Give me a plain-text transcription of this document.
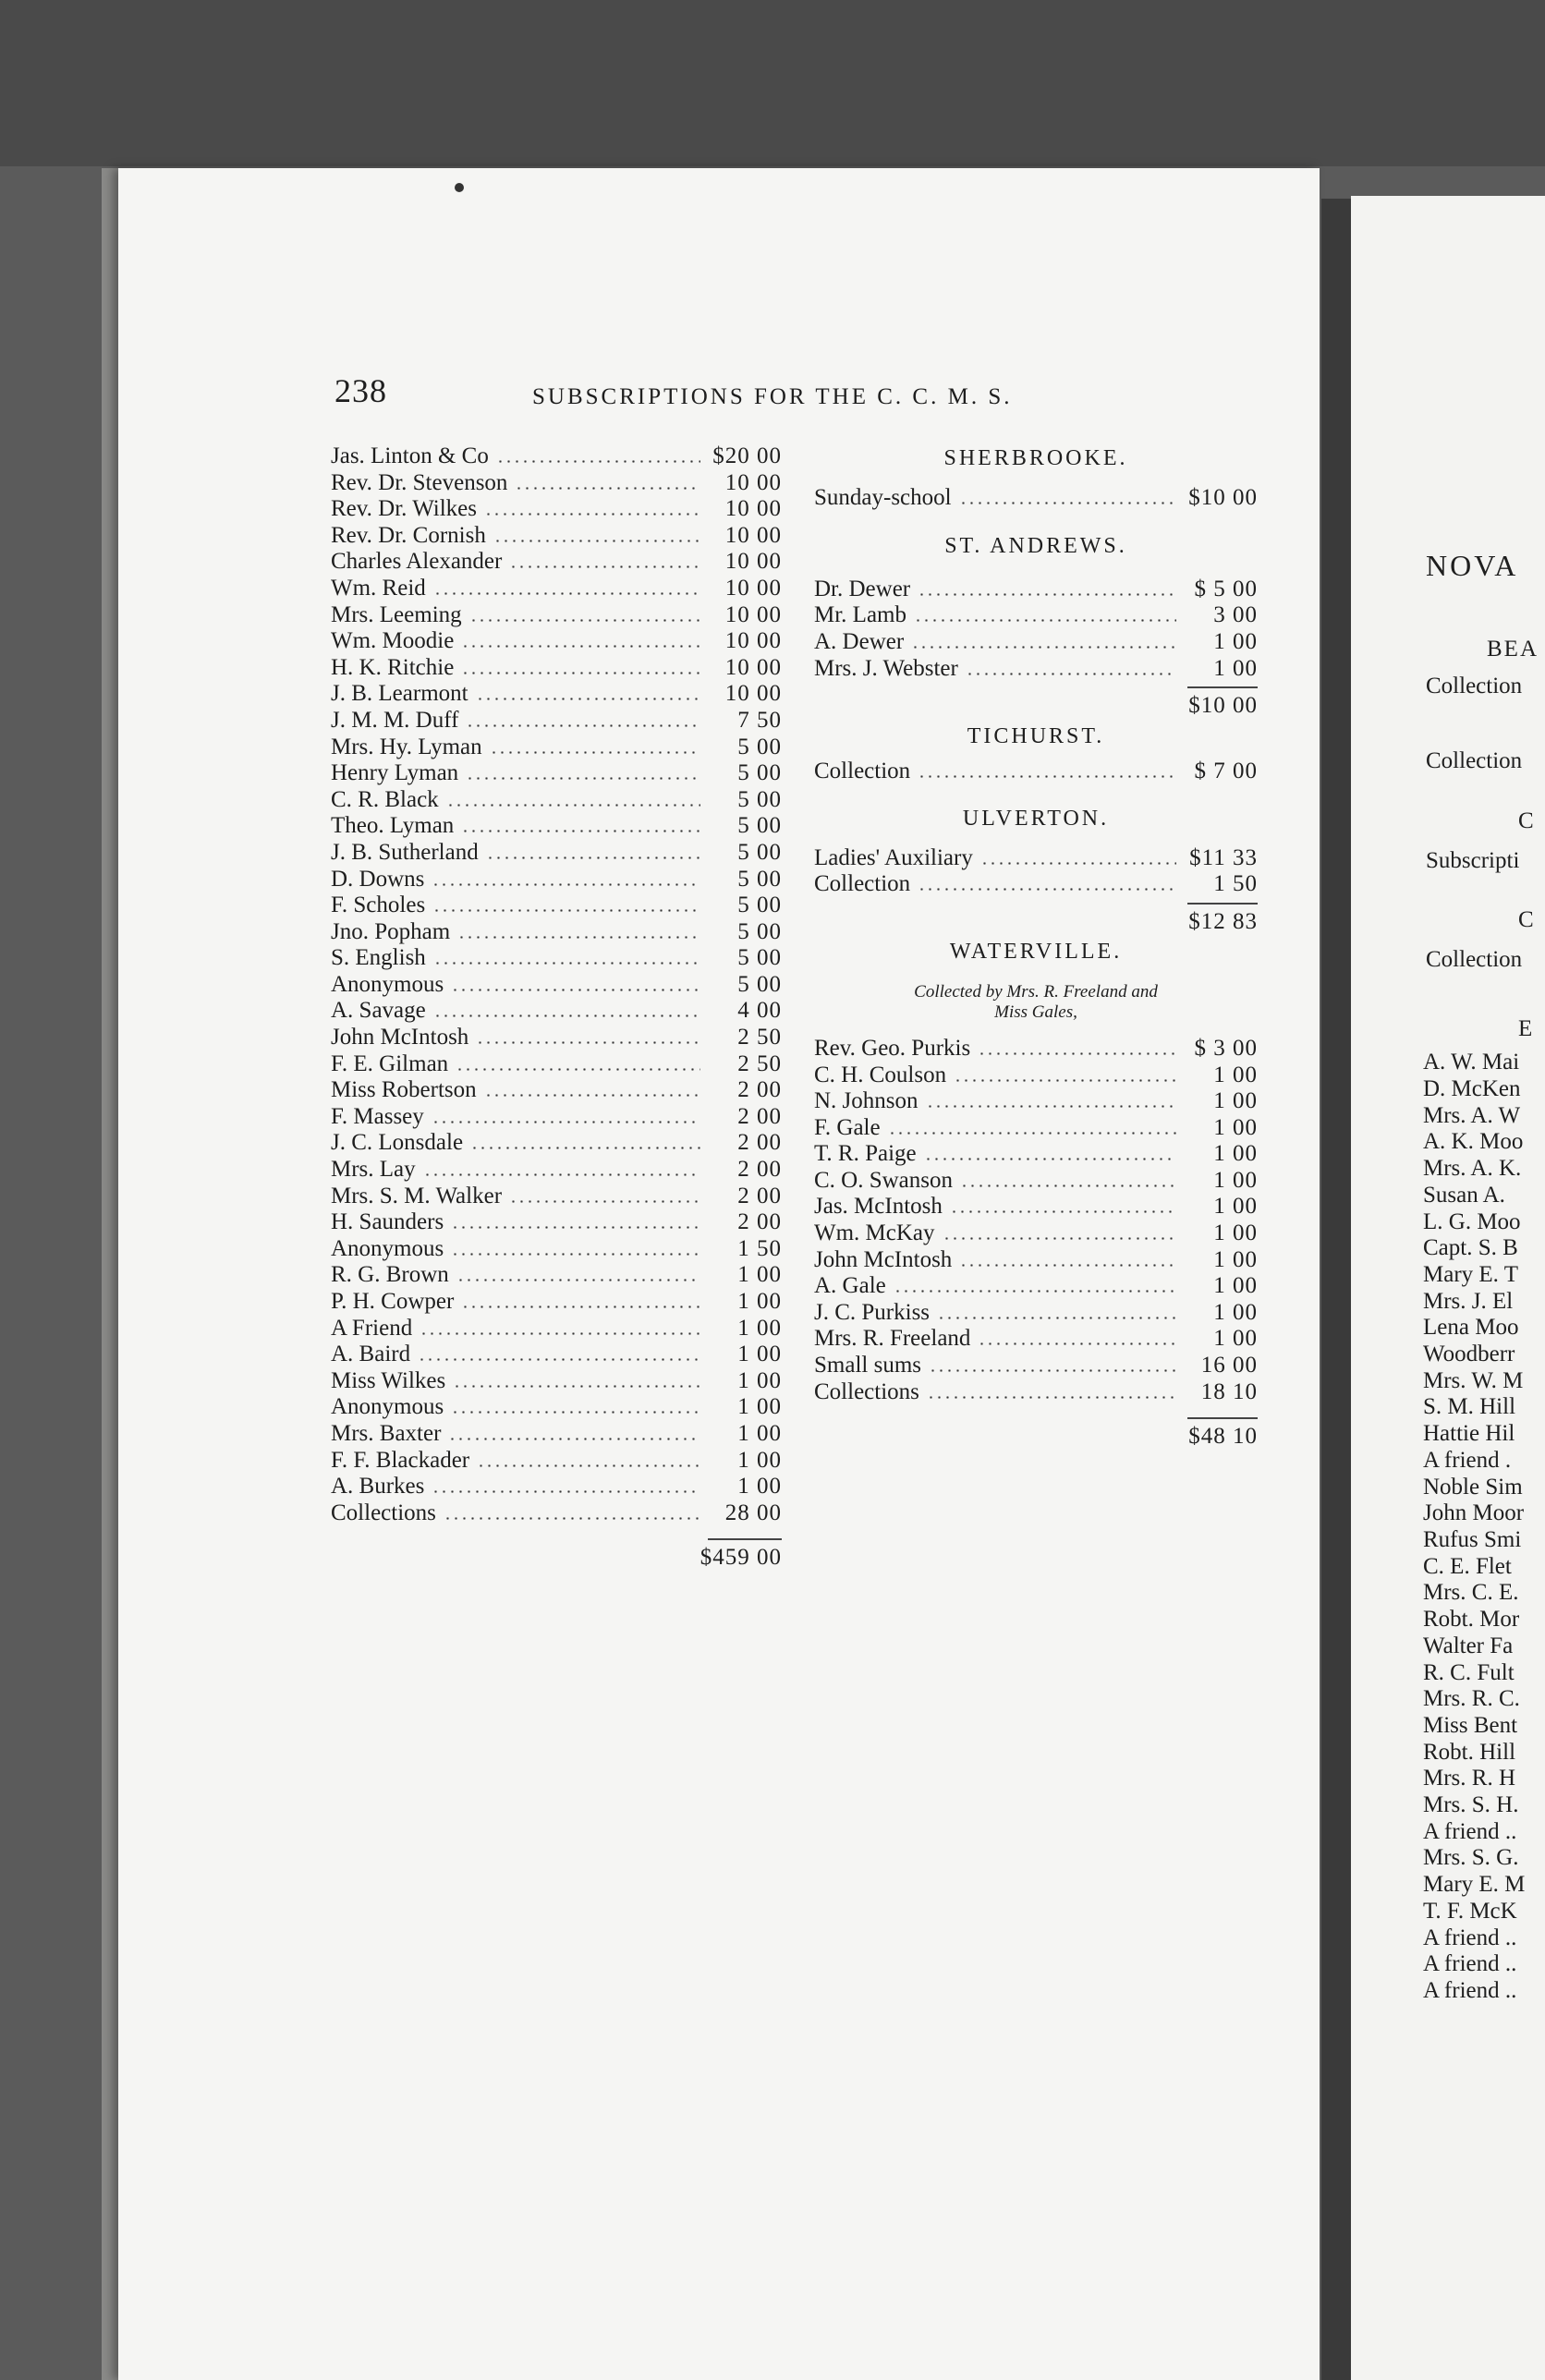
238	SUBSCRIPTIONS FOR THE C. C. M. S.
Jas. Linton & Co	$20 00
Rev. Dr. Stevenson	10 00
Rev. Dr. Wilkes	10 00
Rev. Dr. Cornish	10 00
Charles Alexander	10 00
Wm. Reid	10 00
Mrs. Leeming	10 00
Wm. Moodie	10 00
H. K. Ritchie	10 00
J. B. Learmont	10 00
J. M. M. Duff	7 50
Mrs. Hy. Lyman	5 00
Henry Lyman	5 00
C. R. Black	5 00
Theo. Lyman	5 00
J. B. Sutherland	5 00
D. Downs	5 00
F. Scholes	5 00
Jno. Popham	5 00
S. English	5 00
Anonymous	5 00
A. Savage	4 00
John McIntosh	2 50
F. E. Gilman	2 50
Miss Robertson	2 00
F. Massey	2 00
J. C. Lonsdale	2 00
Mrs. Lay	2 00
Mrs. S. M. Walker	2 00
H. Saunders	2 00
Anonymous	1 50
R. G. Brown	1 00
P. H. Cowper	1 00
A Friend	1 00
A. Baird	1 00
Miss Wilkes	1 00
Anonymous	1 00
Mrs. Baxter	1 00
F. F. Blackader	1 00
A. Burkes	1 00
Collections	28 00
$459 00
SHERBROOKE.
Sunday-school	$10 00
ST. ANDREWS.
Dr. Dewer	$ 5 00
Mr. Lamb	3 00
A. Dewer	1 00
Mrs. J. Webster	1 00
$10 00
TICHURST.
Collection	$ 7 00
ULVERTON.
Ladies' Auxiliary	$11 33
Collection	1 50
$12 83
WATERVILLE.
Collected by Mrs. R. Freeland and
Miss Gales,
Rev. Geo. Purkis	$ 3 00
C. H. Coulson	1 00
N. Johnson	1 00
F. Gale	1 00
T. R. Paige	1 00
C. O. Swanson	1 00
Jas. McIntosh	1 00
Wm. McKay	1 00
John McIntosh	1 00
A. Gale	1 00
J. C. Purkiss	1 00
Mrs. R. Freeland	1 00
Small sums	16 00
Collections	18 10
$48 10
NOVA
BEA
Collection
Collection
C
Subscripti
C
Collection
E
A. W. Mai
D. McKen
Mrs. A. W
A. K. Moo
Mrs. A. K.
Susan A.
L. G. Moo
Capt. S. B
Mary E. T
Mrs. J. El
Lena Moo
Woodberr
Mrs. W. M
S. M. Hill
Hattie Hil
A friend .
Noble Sim
John Moor
Rufus Smi
C. E. Flet
Mrs. C. E.
Robt. Mor
Walter Fa
R. C. Fult
Mrs. R. C.
Miss Bent
Robt. Hill
Mrs. R. H
Mrs. S. H.
A friend ..
Mrs. S. G.
Mary E. M
T. F. McK
A friend ..
A friend ..
A friend ..
